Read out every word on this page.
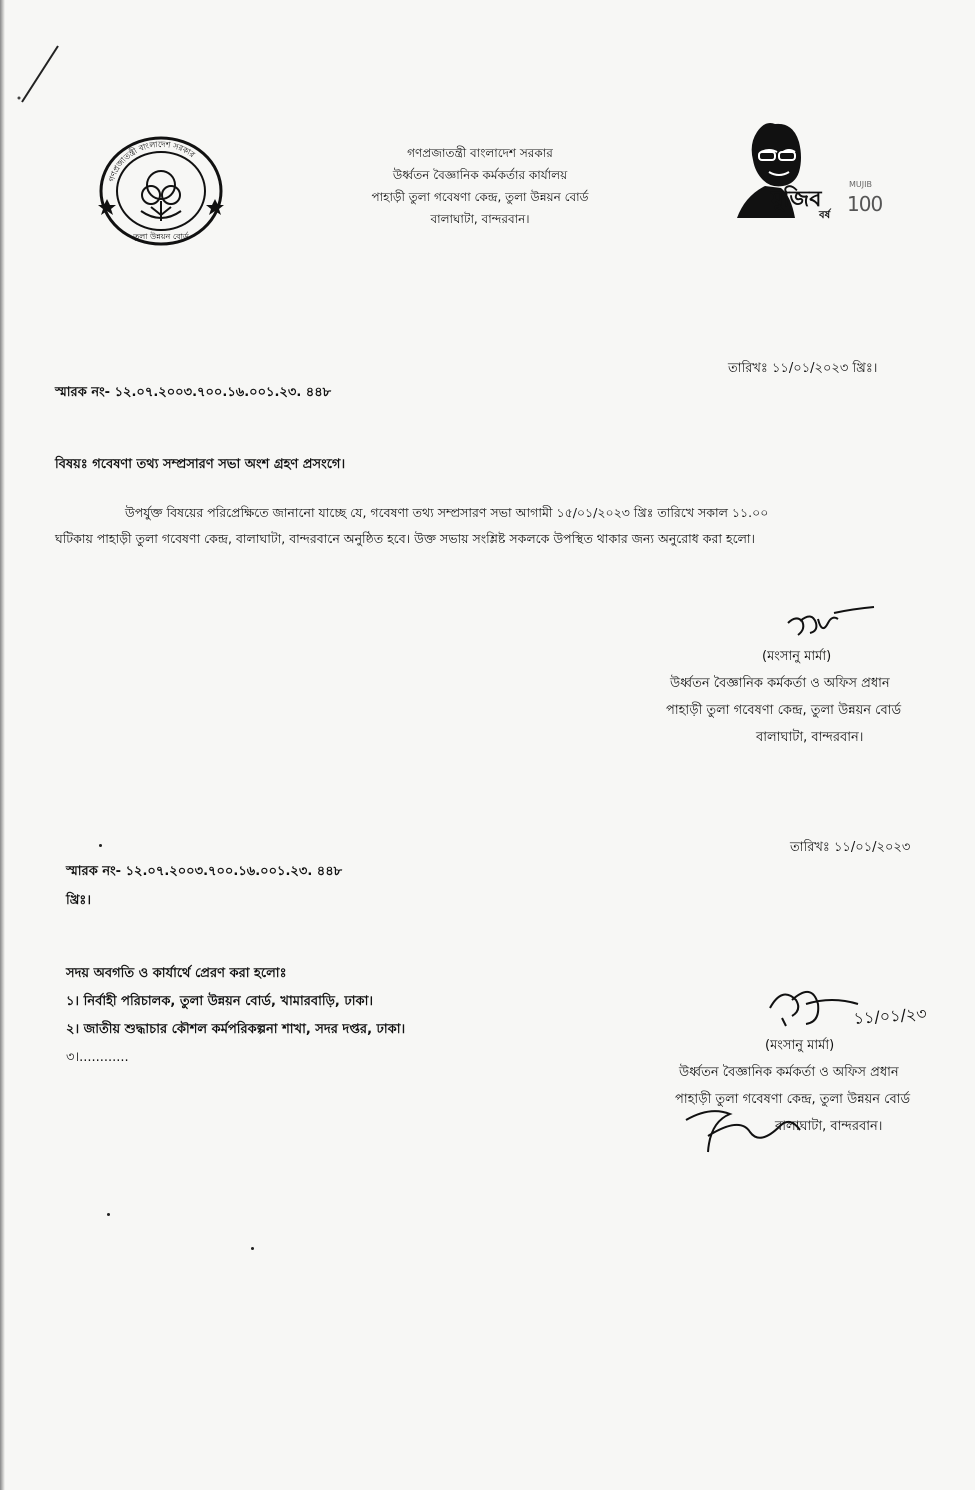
গণপ্রজাতন্ত্রী বাংলাদেশ সরকার
তুলা উন্নয়ন বোর্ড
গণপ্রজাতন্ত্রী বাংলাদেশ সরকার
উর্ধ্বতন বৈজ্ঞানিক কর্মকর্তার কার্যালয়
পাহাড়ী তুলা গবেষণা কেন্দ্র, তুলা উন্নয়ন বোর্ড
বালাঘাটা, বান্দরবান।
মুজিব
বর্ষ
MUJIB
100
তারিখঃ ১১/০১/২০২৩ খ্রিঃ।
স্মারক নং- ১২.০৭.২০০৩.৭০০.১৬.০০১.২৩. ৪৪৮
বিষয়ঃ গবেষণা তথ্য সম্প্রসারণ সভা অংশ গ্রহণ প্রসংগে।
উপর্যুক্ত বিষয়ের পরিপ্রেক্ষিতে জানানো যাচ্ছে যে, গবেষণা তথ্য সম্প্রসারণ সভা আগামী ১৫/০১/২০২৩ খ্রিঃ তারিখে সকাল ১১.০০
ঘটিকায় পাহাড়ী তুলা গবেষণা কেন্দ্র, বালাঘাটা, বান্দরবানে অনুষ্ঠিত হবে। উক্ত সভায় সংশ্লিষ্ট সকলকে উপস্থিত থাকার জন্য অনুরোধ করা হলো।
(মংসানু মার্মা)
উর্ধ্বতন বৈজ্ঞানিক কর্মকর্তা ও অফিস প্রধান
পাহাড়ী তুলা গবেষণা কেন্দ্র, তুলা উন্নয়ন বোর্ড
বালাঘাটা, বান্দরবান।
তারিখঃ ১১/০১/২০২৩
স্মারক নং- ১২.০৭.২০০৩.৭০০.১৬.০০১.২৩. ৪৪৮
খ্রিঃ।
সদয় অবগতি ও কার্যার্থে প্রেরণ করা হলোঃ
১। নির্বাহী পরিচালক, তুলা উন্নয়ন বোর্ড, খামারবাড়ি, ঢাকা।
২। জাতীয় শুদ্ধাচার কৌশল কর্মপরিকল্পনা শাখা, সদর দপ্তর, ঢাকা।
৩।............
১১/০১/২৩
(মংসানু মার্মা)
উর্ধ্বতন বৈজ্ঞানিক কর্মকর্তা ও অফিস প্রধান
পাহাড়ী তুলা গবেষণা কেন্দ্র, তুলা উন্নয়ন বোর্ড
বালাঘাটা, বান্দরবান।
